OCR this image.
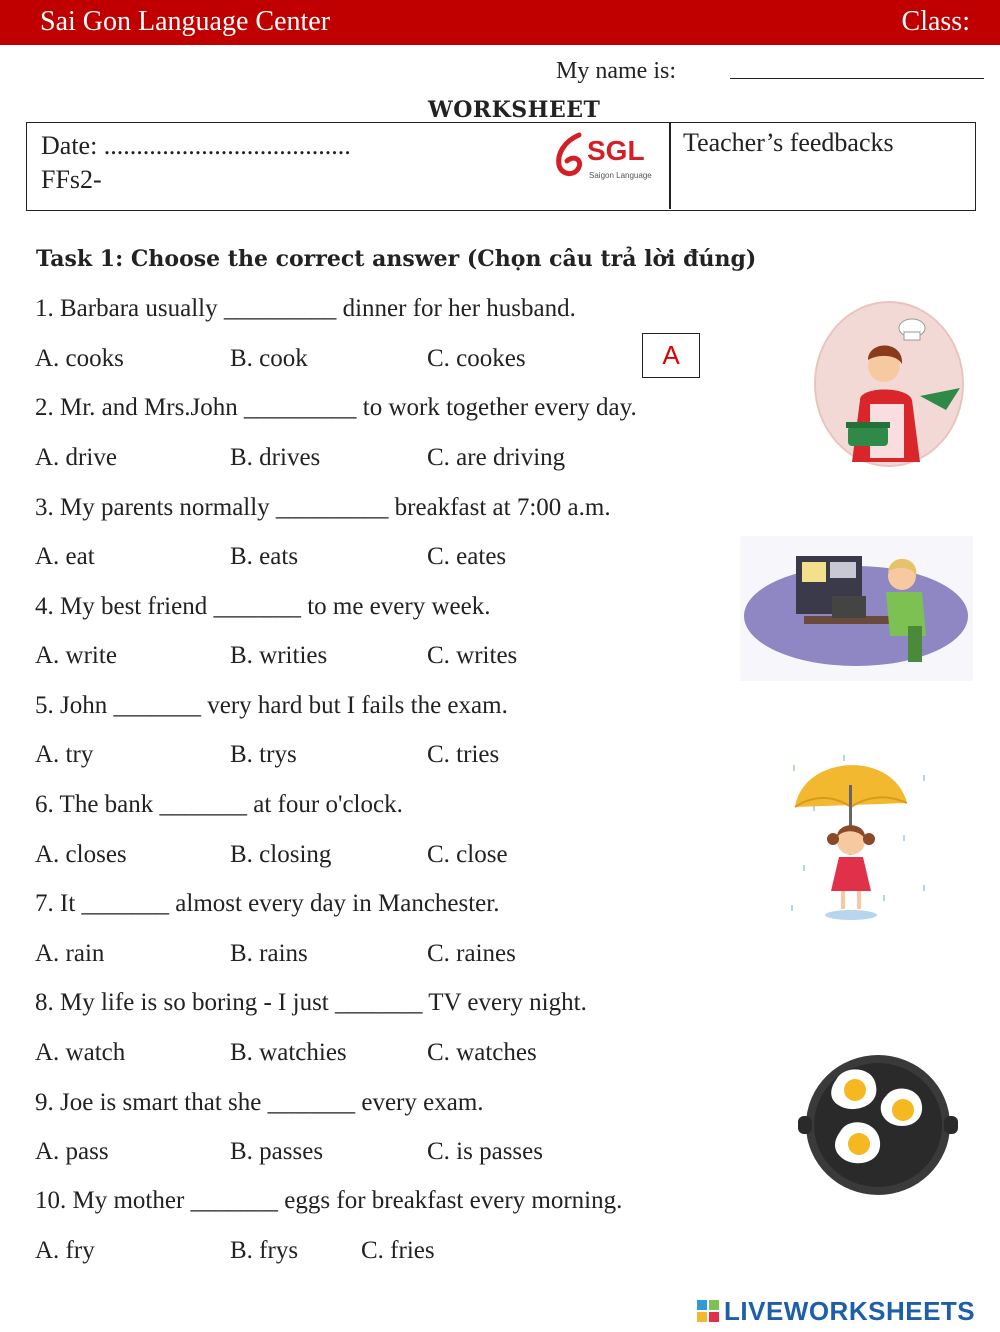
Sai Gon Language Center	Class:
My name is:
WORKSHEET
Date: ......................................
FFs2-
SGL
Saigon Language
Teacher’s feedbacks
Task 1: Choose the correct answer (Chọn câu trả lời đúng)
1. Barbara usually _________ dinner for her husband.
A. cooks	B. cook	C. cookes	A
2. Mr. and Mrs.John _________ to work together every day.
A. drive	B. drives	C. are driving
3. My parents normally _________ breakfast at 7:00 a.m.
A. eat	B. eats	C. eates
4. My best friend _______ to me every week.
A. write	B. writies	C. writes
5. John _______ very hard but I fails the exam.
A. try	B. trys	C. tries
6. The bank _______ at four o'clock.
A. closes	B. closing	C. close
7. It _______ almost every day in Manchester.
A. rain	B. rains	C. raines
8. My life is so boring - I just _______ TV every night.
A. watch	B. watchies	C. watches
9. Joe is smart that she _______ every exam.
A. pass	B. passes	C. is passes
10. My mother _______ eggs for breakfast every morning.
A. fry	B. frys	C. fries
LIVEWORKSHEETS
